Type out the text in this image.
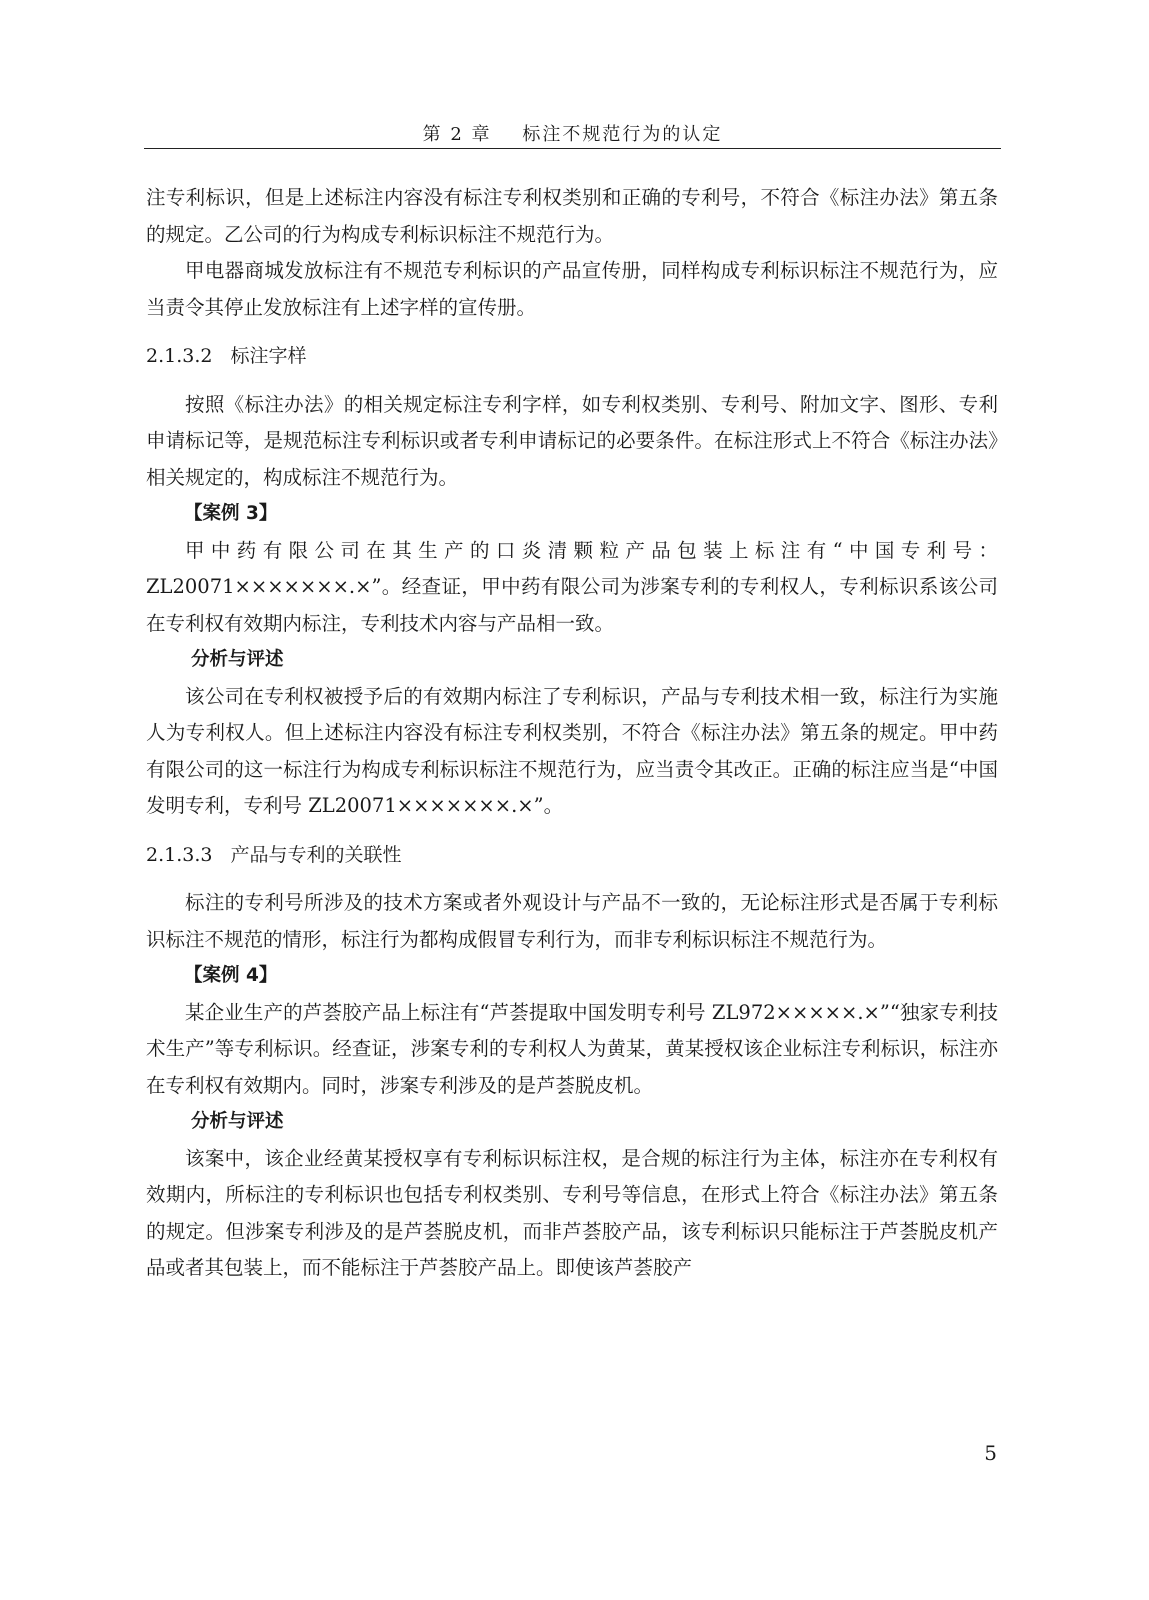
第 2 章 标注不规范行为的认定

注专利标识，但是上述标注内容没有标注专利权类别和正确的专利号，不符合《标注办法》第五条的规定。乙公司的行为构成专利标识标注不规范行为。

甲电器商城发放标注有不规范专利标识的产品宣传册，同样构成专利标识标注不规范行为，应当责令其停止发放标注有上述字样的宣传册。

2.1.3.2 标注字样

按照《标注办法》的相关规定标注专利字样，如专利权类别、专利号、附加文字、图形、专利申请标记等，是规范标注专利标识或者专利申请标记的必要条件。在标注形式上不符合《标注办法》相关规定的，构成标注不规范行为。

【案例 3】

甲中药有限公司在其生产的口炎清颗粒产品包装上标注有“中国专利号：ZL20071×××××××.×”。经查证，甲中药有限公司为涉案专利的专利权人，专利标识系该公司在专利权有效期内标注，专利技术内容与产品相一致。

分析与评述

该公司在专利权被授予后的有效期内标注了专利标识，产品与专利技术相一致，标注行为实施人为专利权人。但上述标注内容没有标注专利权类别，不符合《标注办法》第五条的规定。甲中药有限公司的这一标注行为构成专利标识标注不规范行为，应当责令其改正。正确的标注应当是“中国发明专利，专利号 ZL20071×××××××.×”。

2.1.3.3 产品与专利的关联性

标注的专利号所涉及的技术方案或者外观设计与产品不一致的，无论标注形式是否属于专利标识标注不规范的情形，标注行为都构成假冒专利行为，而非专利标识标注不规范行为。

【案例 4】

某企业生产的芦荟胶产品上标注有“芦荟提取中国发明专利号 ZL972×××××.×”“独家专利技术生产”等专利标识。经查证，涉案专利的专利权人为黄某，黄某授权该企业标注专利标识，标注亦在专利权有效期内。同时，涉案专利涉及的是芦荟脱皮机。

分析与评述

该案中，该企业经黄某授权享有专利标识标注权，是合规的标注行为主体，标注亦在专利权有效期内，所标注的专利标识也包括专利权类别、专利号等信息，在形式上符合《标注办法》第五条的规定。但涉案专利涉及的是芦荟脱皮机，而非芦荟胶产品，该专利标识只能标注于芦荟脱皮机产品或者其包装上，而不能标注于芦荟胶产品上。即使该芦荟胶产

5
